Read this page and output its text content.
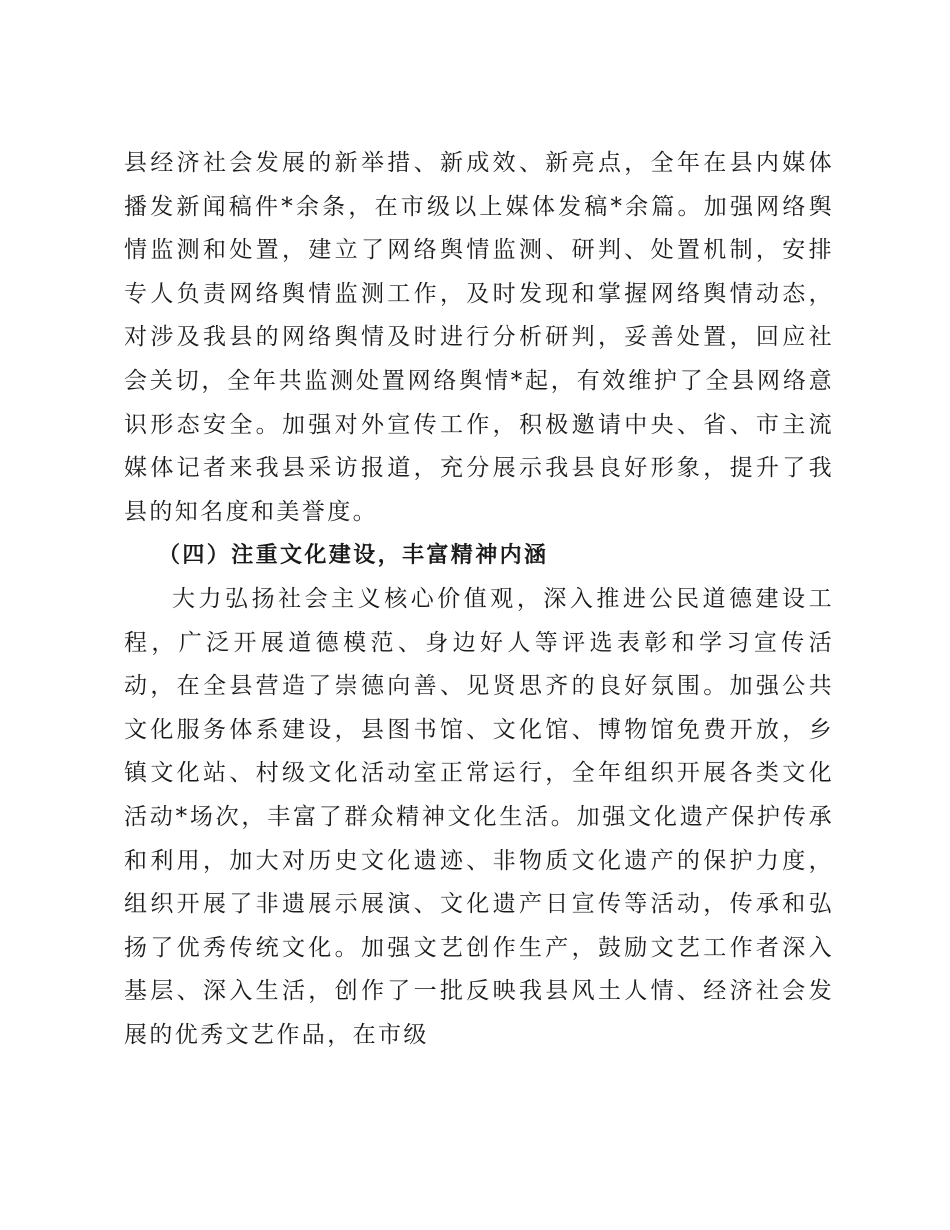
县经济社会发展的新举措、新成效、新亮点，全年在县内媒体播发新闻稿件*余条，在市级以上媒体发稿*余篇。加强网络舆情监测和处置，建立了网络舆情监测、研判、处置机制，安排专人负责网络舆情监测工作，及时发现和掌握网络舆情动态，对涉及我县的网络舆情及时进行分析研判，妥善处置，回应社会关切，全年共监测处置网络舆情*起，有效维护了全县网络意识形态安全。加强对外宣传工作，积极邀请中央、省、市主流媒体记者来我县采访报道，充分展示我县良好形象，提升了我县的知名度和美誉度。

（四）注重文化建设，丰富精神内涵

大力弘扬社会主义核心价值观，深入推进公民道德建设工程，广泛开展道德模范、身边好人等评选表彰和学习宣传活动，在全县营造了崇德向善、见贤思齐的良好氛围。加强公共文化服务体系建设，县图书馆、文化馆、博物馆免费开放，乡镇文化站、村级文化活动室正常运行，全年组织开展各类文化活动*场次，丰富了群众精神文化生活。加强文化遗产保护传承和利用，加大对历史文化遗迹、非物质文化遗产的保护力度，组织开展了非遗展示展演、文化遗产日宣传等活动，传承和弘扬了优秀传统文化。加强文艺创作生产，鼓励文艺工作者深入基层、深入生活，创作了一批反映我县风土人情、经济社会发展的优秀文艺作品，在市级
